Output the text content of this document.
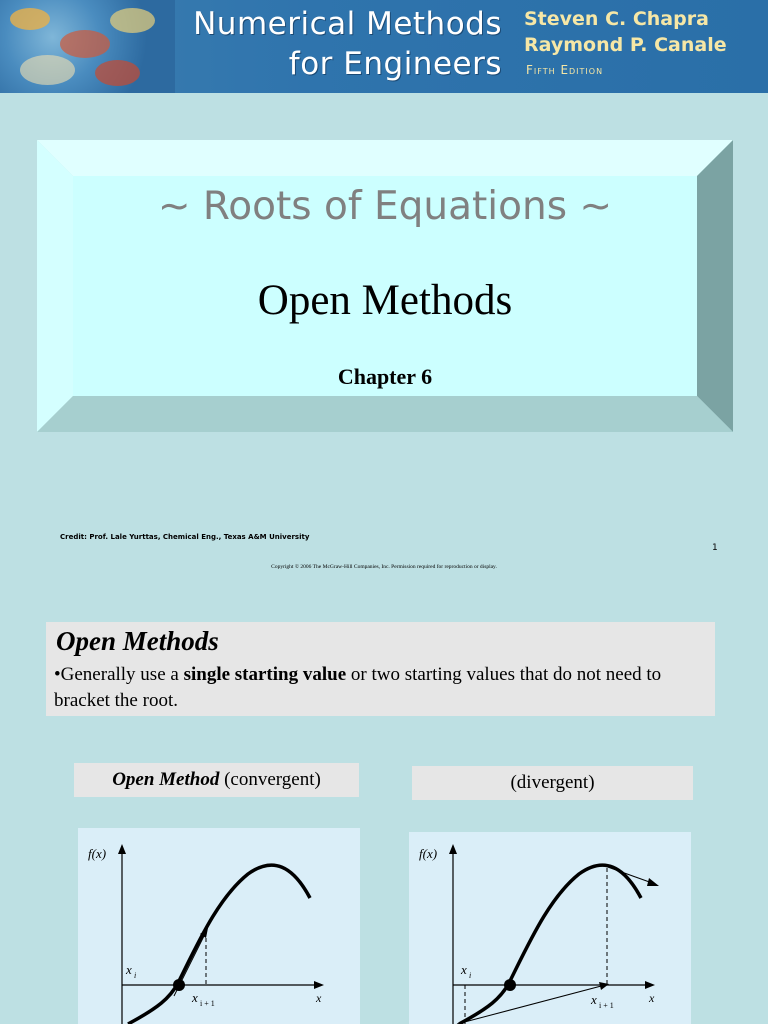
Numerical Methods
for Engineers
Steven C. Chapra
Raymond P. Canale
Fifth Edition
~ Roots of Equations ~
Open Methods
Chapter 6
Credit: Prof. Lale Yurttas, Chemical Eng., Texas A&M University
1
Copyright © 2006 The McGraw-Hill Companies, Inc. Permission required for reproduction or display.
Open Methods
•Generally use a single starting value or two starting values that do not need to bracket the root.
Open Method (convergent)	(divergent)
f(x)
x
x i
x i + 1
f(x)
x
x i
x i + 1
